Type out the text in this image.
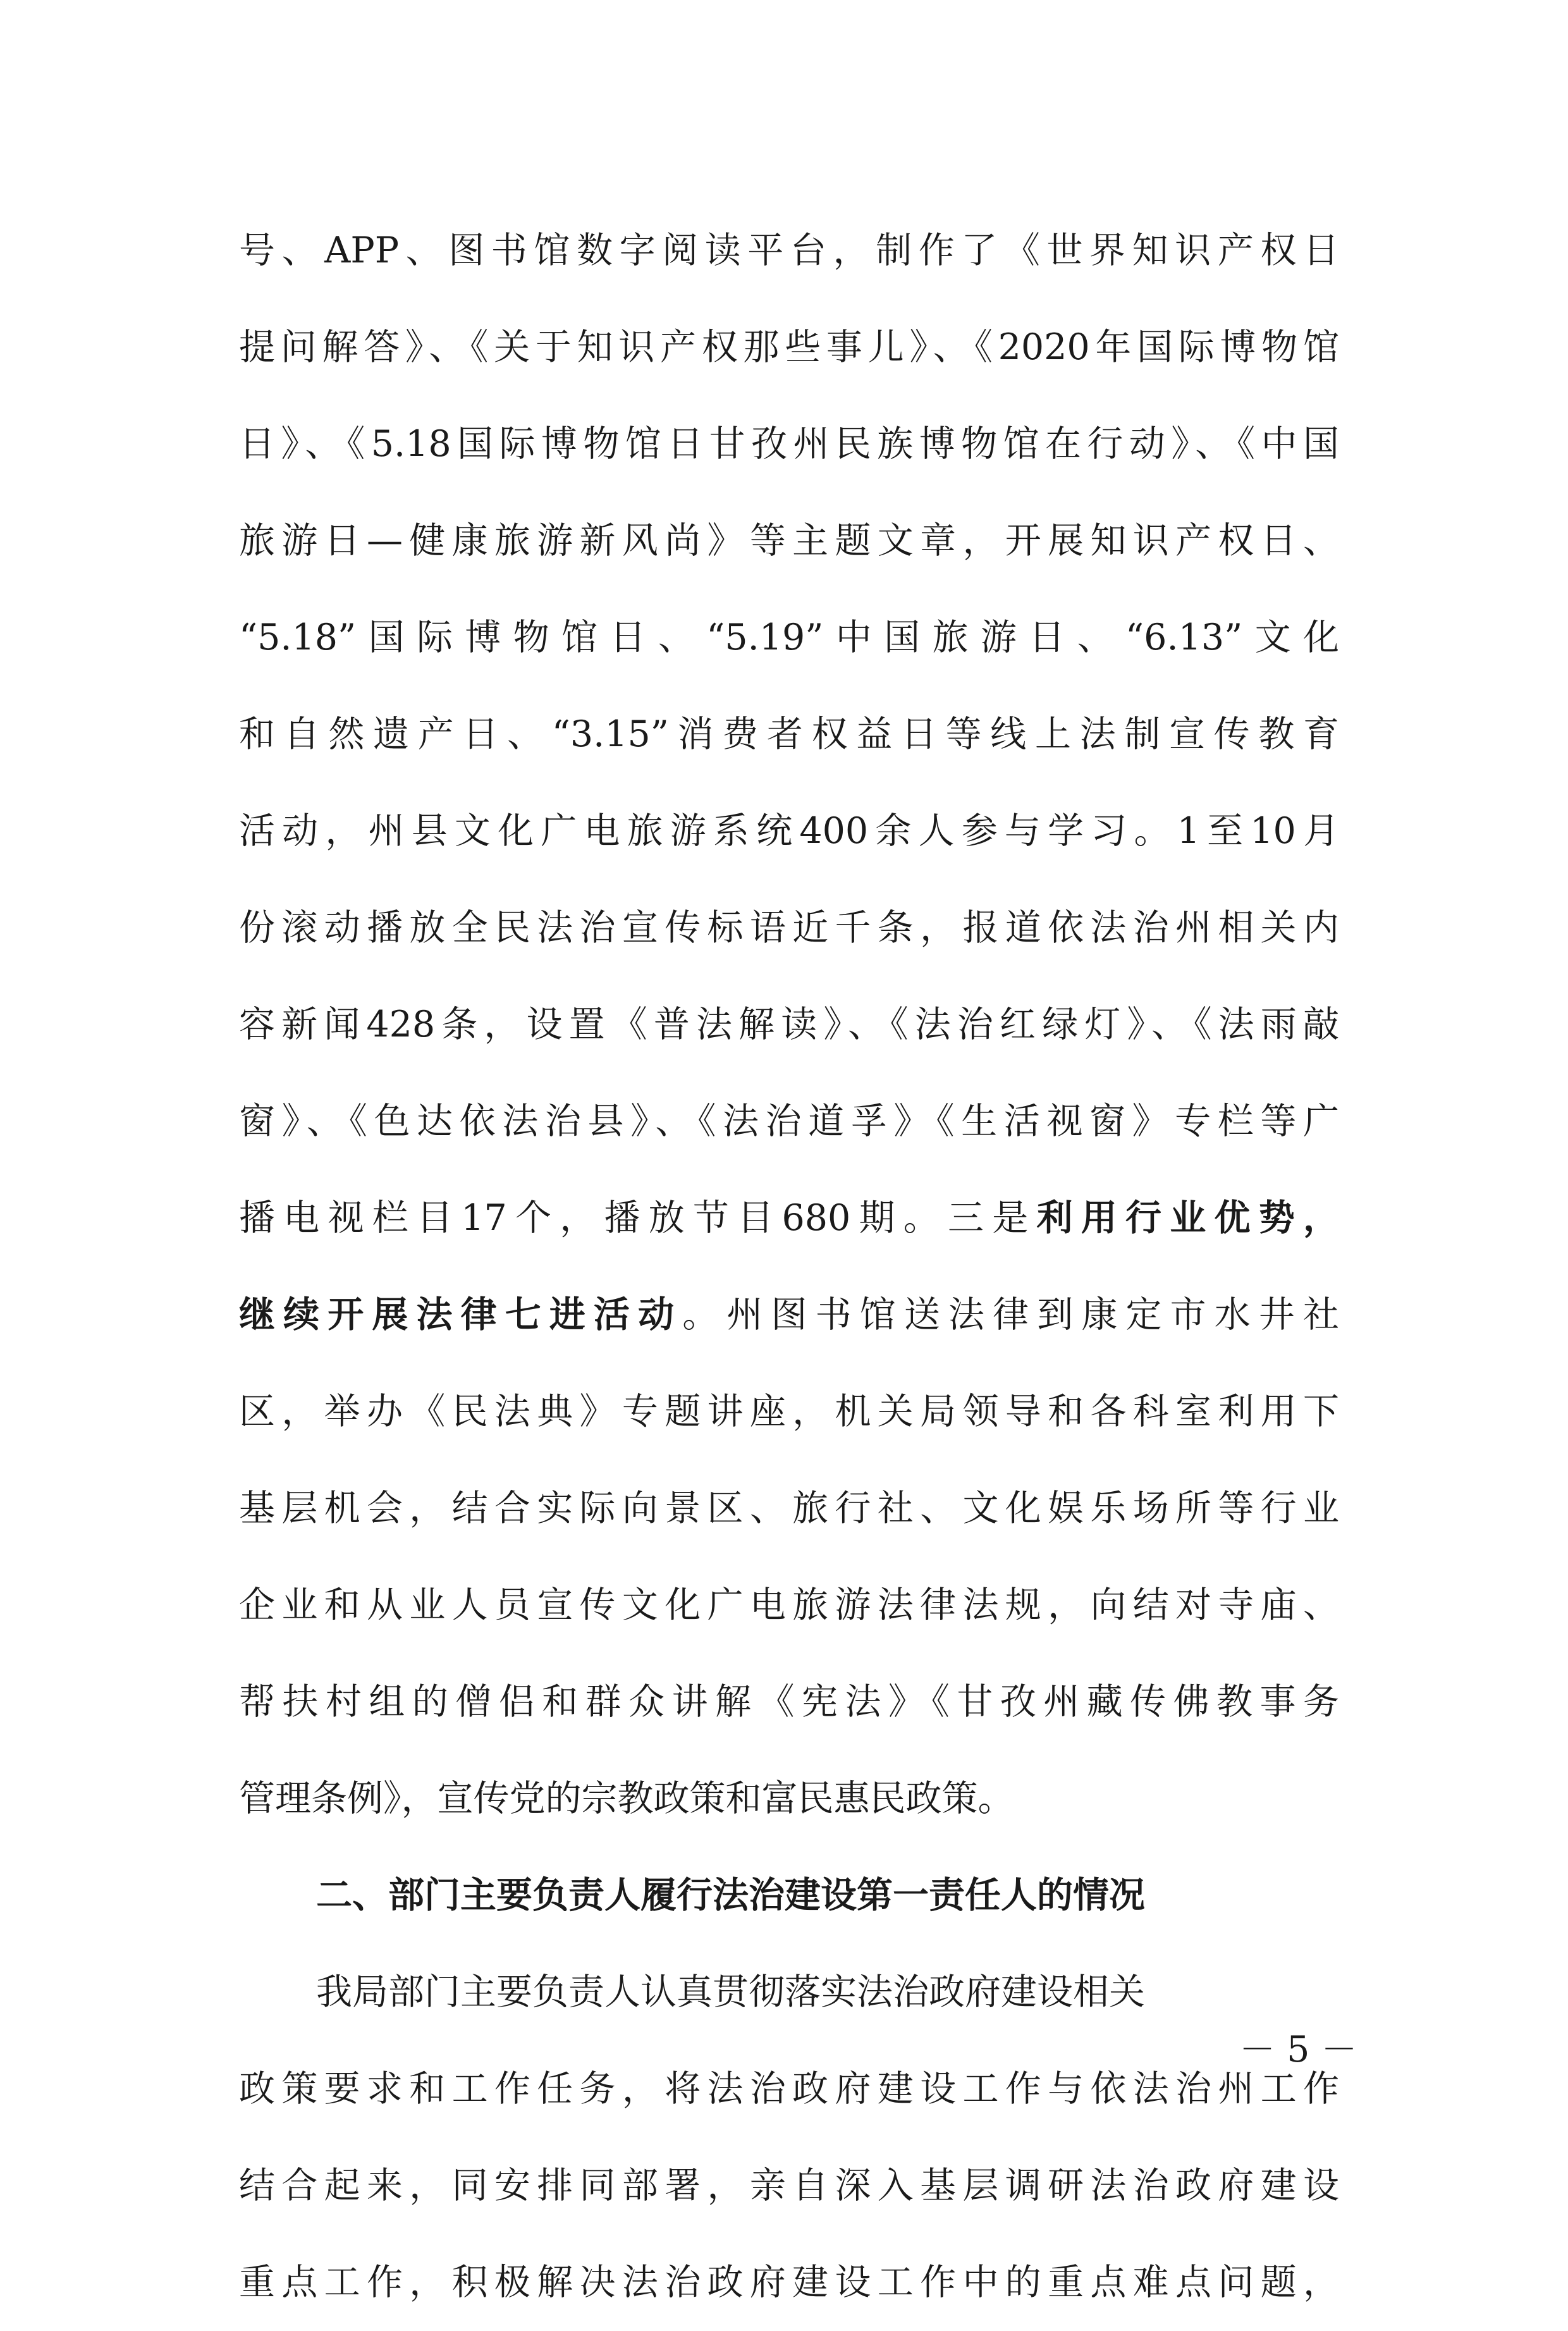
号、APP、图书馆数字阅读平台，制作了《世界知识产权日
提问解答》、《关于知识产权那些事儿》、《2020年国际博物馆
日》、《5.18国际博物馆日甘孜州民族博物馆在行动》、《中国
旅游日—健康旅游新风尚》等主题文章，开展知识产权日、
“5.18”国际博物馆日、“5.19”中国旅游日、“6.13”文化
和自然遗产日、“3.15”消费者权益日等线上法制宣传教育
活动，州县文化广电旅游系统400余人参与学习。1至10月
份滚动播放全民法治宣传标语近千条，报道依法治州相关内
容新闻428条，设置《普法解读》、《法治红绿灯》、《法雨敲
窗》、《色达依法治县》、《法治道孚》《生活视窗》专栏等广
播电视栏目17个，播放节目680期。三是利用行业优势，
继续开展法律七进活动。州图书馆送法律到康定市水井社
区，举办《民法典》专题讲座，机关局领导和各科室利用下
基层机会，结合实际向景区、旅行社、文化娱乐场所等行业
企业和从业人员宣传文化广电旅游法律法规，向结对寺庙、
帮扶村组的僧侣和群众讲解《宪法》《甘孜州藏传佛教事务
管理条例》，宣传党的宗教政策和富民惠民政策。
二、部门主要负责人履行法治建设第一责任人的情况
我局部门主要负责人认真贯彻落实法治政府建设相关
政策要求和工作任务，将法治政府建设工作与依法治州工作
结合起来，同安排同部署，亲自深入基层调研法治政府建设
重点工作，积极解决法治政府建设工作中的重点难点问题，
－ 5 －
